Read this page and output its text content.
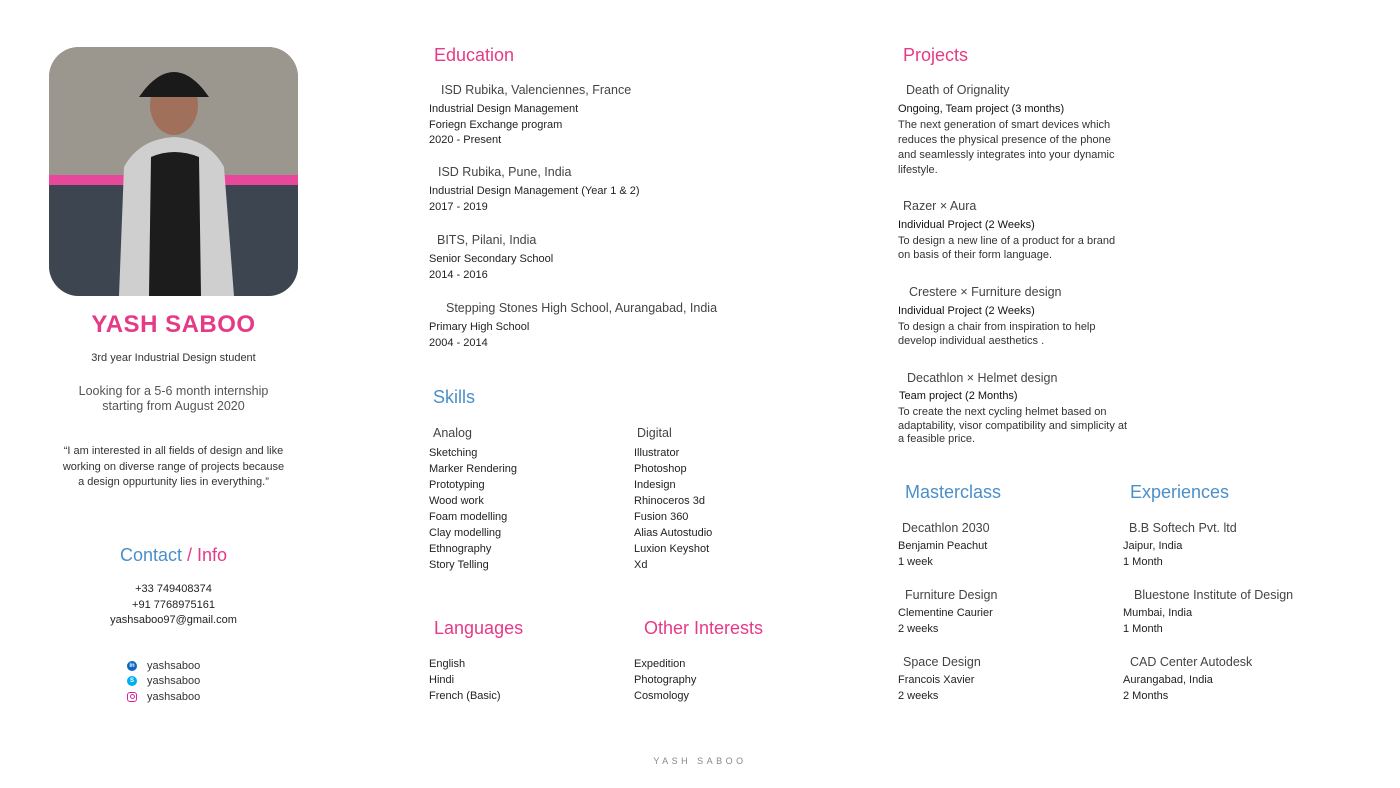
YASH SABOO
3rd year Industrial Design student
Looking for a 5-6 month internship
starting from August 2020
“I am interested in all fields of design and like
working on diverse range of projects because
a design oppurtunity lies in everything.”
Contact / Info
+33 749408374
+91 7768975161
yashsaboo97@gmail.com
in yashsaboo
S yashsaboo
yashsaboo
Education
ISD Rubika, Valenciennes, France
Industrial Design Management
Foriegn Exchange program
2020 - Present
ISD Rubika, Pune, India
Industrial Design Management (Year 1 & 2)
2017 - 2019
BITS, Pilani, India
Senior Secondary School
2014 - 2016
Stepping Stones High School, Aurangabad, India
Primary High School
2004 - 2014
Skills
Analog
Sketching
Marker Rendering
Prototyping
Wood work
Foam modelling
Clay modelling
Ethnography
Story Telling
Digital
Illustrator
Photoshop
Indesign
Rhinoceros 3d
Fusion 360
Alias Autostudio
Luxion Keyshot
Xd
Languages
English
Hindi
French (Basic)
Other Interests
Expedition
Photography
Cosmology
Projects
Death of Orignality
Ongoing, Team project (3 months)
The next generation of smart devices which
reduces the physical presence of the phone
and seamlessly integrates into your dynamic
lifestyle.
Razer × Aura
Individual Project (2 Weeks)
To design a new line of a product for a brand
on basis of their form language.
Crestere × Furniture design
Individual Project (2 Weeks)
To design a chair from inspiration to help
develop individual aesthetics .
Decathlon × Helmet design
Team project (2 Months)
To create the next cycling helmet based on
adaptability, visor compatibility and simplicity at
a feasible price.
Masterclass
Decathlon 2030
Benjamin Peachut
1 week
Furniture Design
Clementine Caurier
2 weeks
Space Design
Francois Xavier
2 weeks
Experiences
B.B Softech Pvt. ltd
Jaipur, India
1 Month
Bluestone Institute of Design
Mumbai, India
1 Month
CAD Center Autodesk
Aurangabad, India
2 Months
YASH SABOO
